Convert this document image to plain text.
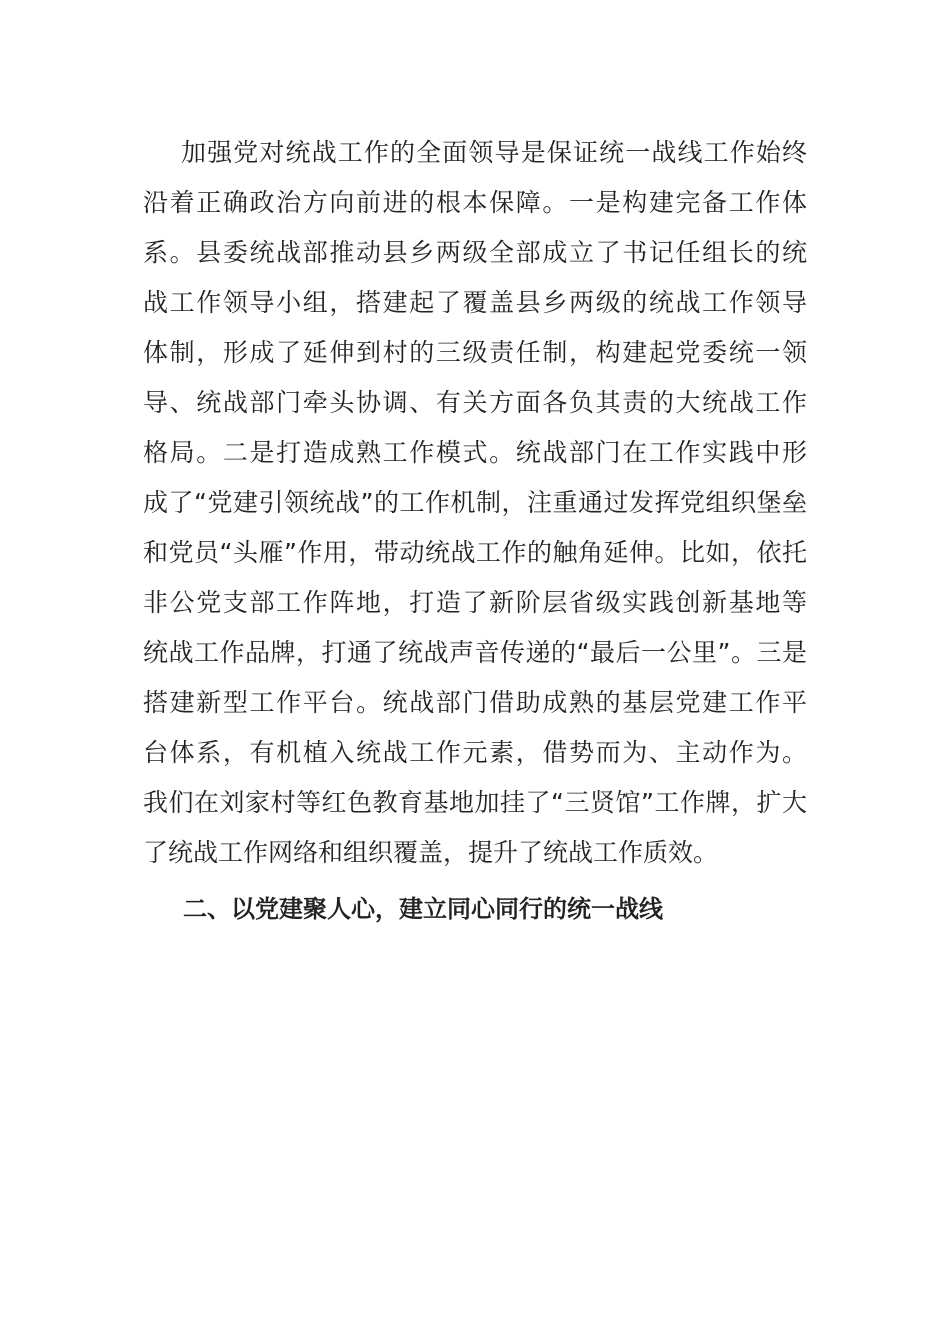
加强党对统战工作的全面领导是保证统一战线工作始终
沿着正确政治方向前进的根本保障。一是构建完备工作体
系。县委统战部推动县乡两级全部成立了书记任组长的统
战工作领导小组，搭建起了覆盖县乡两级的统战工作领导
体制，形成了延伸到村的三级责任制，构建起党委统一领
导、统战部门牵头协调、有关方面各负其责的大统战工作
格局。二是打造成熟工作模式。统战部门在工作实践中形
成了“党建引领统战”的工作机制，注重通过发挥党组织堡垒
和党员“头雁”作用，带动统战工作的触角延伸。比如，依托
非公党支部工作阵地，打造了新阶层省级实践创新基地等
统战工作品牌，打通了统战声音传递的“最后一公里”。三是
搭建新型工作平台。统战部门借助成熟的基层党建工作平
台体系，有机植入统战工作元素，借势而为、主动作为。
我们在刘家村等红色教育基地加挂了“三贤馆”工作牌，扩大
了统战工作网络和组织覆盖，提升了统战工作质效。
二、以党建聚人心，建立同心同行的统一战线
